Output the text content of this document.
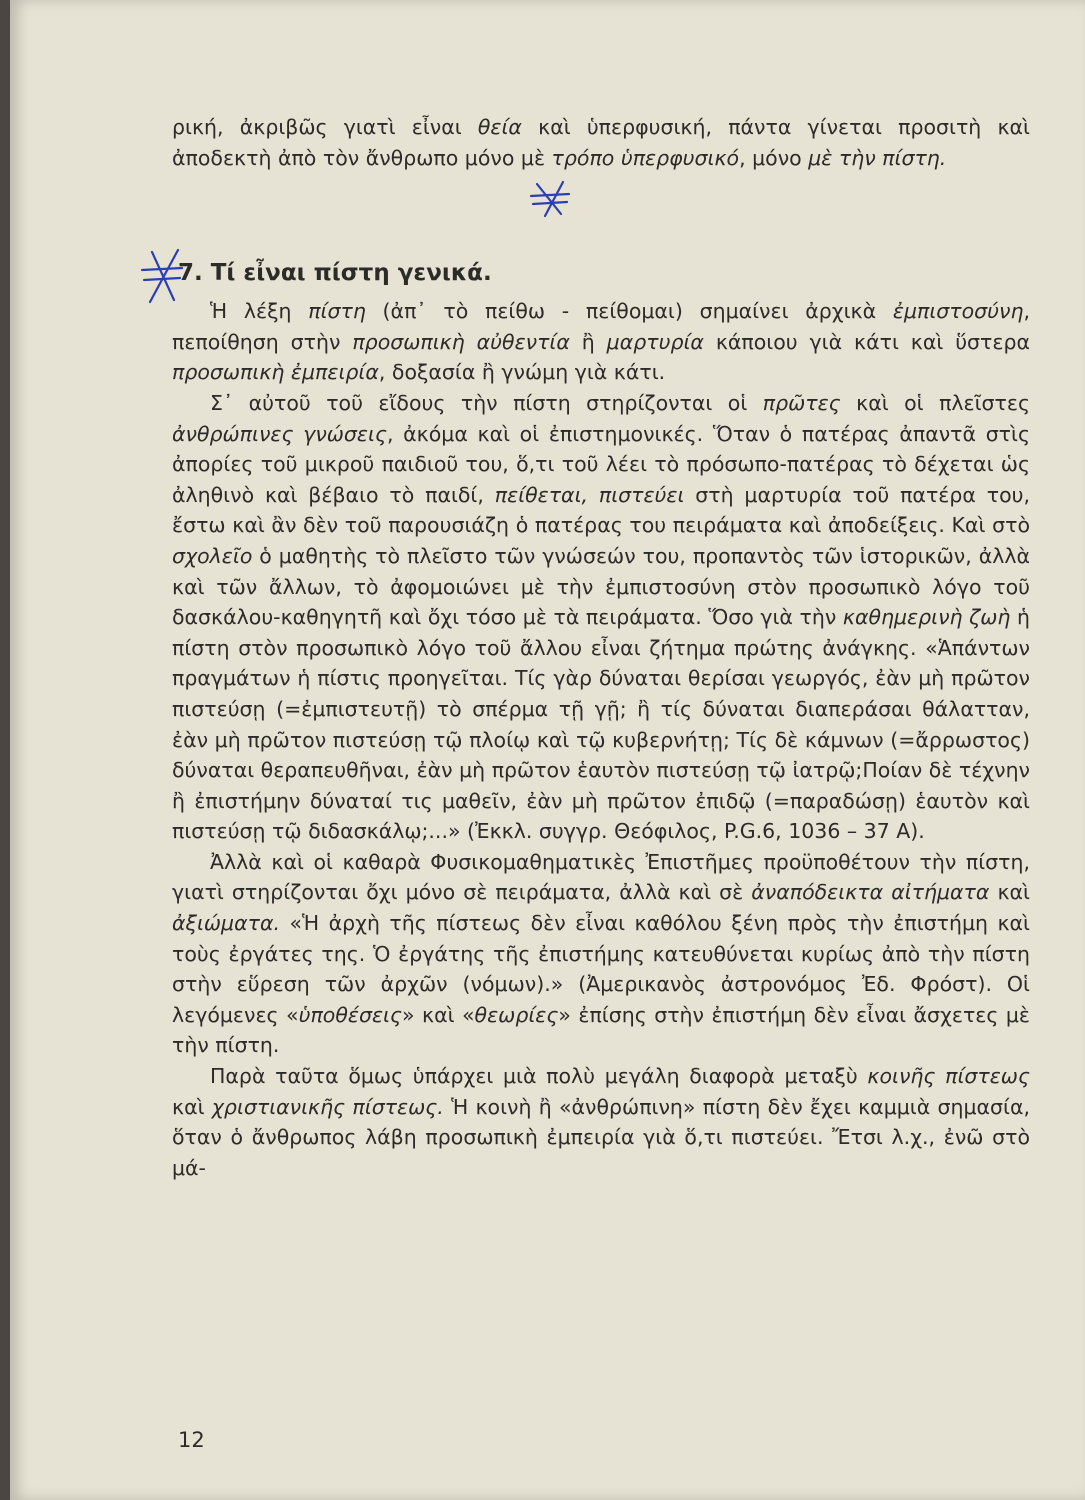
ρική, ἀκριβῶς γιατὶ εἶναι θεία καὶ ὑπερφυσική, πάντα γίνεται προσιτὴ καὶ ἀποδεκτὴ ἀπὸ τὸν ἄνθρωπο μόνο μὲ τρόπο ὑπερφυσικό, μόνο μὲ τὴν πίστη.

Ἡ λέξη πίστη (ἀπ᾽ τὸ πείθω - πείθομαι) σημαίνει ἀρχικὰ ἐμπιστοσύνη, πεποίθηση στὴν προσωπικὴ αὐθεντία ἢ μαρτυρία κάποιου γιὰ κάτι καὶ ὕστερα προσωπικὴ ἐμπειρία, δοξασία ἢ γνώμη γιὰ κάτι.

Σ᾽ αὐτοῦ τοῦ εἴδους τὴν πίστη στηρίζονται οἱ πρῶτες καὶ οἱ πλεῖστες ἀνθρώπινες γνώσεις, ἀκόμα καὶ οἱ ἐπιστημονικές. Ὅταν ὁ πατέρας ἀπαντᾶ στὶς ἀπορίες τοῦ μικροῦ παιδιοῦ του, ὅ,τι τοῦ λέει τὸ πρόσωπο-πατέρας τὸ δέχεται ὡς ἀληθινὸ καὶ βέβαιο τὸ παιδί, πείθεται, πιστεύει στὴ μαρτυρία τοῦ πατέρα του, ἔστω καὶ ἂν δὲν τοῦ παρουσιάζη ὁ πατέρας του πειράματα καὶ ἀποδείξεις. Καὶ στὸ σχολεῖο ὁ μαθητὴς τὸ πλεῖστο τῶν γνώσεών του, προπαντὸς τῶν ἱστορικῶν, ἀλλὰ καὶ τῶν ἄλλων, τὸ ἀφομοιώνει μὲ τὴν ἐμπιστοσύνη στὸν προσωπικὸ λόγο τοῦ δασκάλου-καθηγητῆ καὶ ὄχι τόσο μὲ τὰ πειράματα. Ὅσο γιὰ τὴν καθημερινὴ ζωὴ ἡ πίστη στὸν προσωπικὸ λόγο τοῦ ἄλλου εἶναι ζήτημα πρώτης ἀνάγκης. «Ἁπάντων πραγμάτων ἡ πίστις προηγεῖται. Τίς γὰρ δύναται θερίσαι γεωργός, ἐὰν μὴ πρῶτον πιστεύσῃ (=ἐμπιστευτῇ) τὸ σπέρμα τῇ γῇ; ἢ τίς δύναται διαπεράσαι θάλατταν, ἐὰν μὴ πρῶτον πιστεύσῃ τῷ πλοίῳ καὶ τῷ κυβερνήτῃ; Τίς δὲ κάμνων (=ἄρρωστος) δύναται θεραπευθῆναι, ἐὰν μὴ πρῶτον ἑαυτὸν πιστεύσῃ τῷ ἰατρῷ;Ποίαν δὲ τέχνην ἢ ἐπιστήμην δύναταί τις μαθεῖν, ἐὰν μὴ πρῶτον ἐπιδῷ (=παραδώσῃ) ἑαυτὸν καὶ πιστεύσῃ τῷ διδασκάλῳ;...» (Ἐκκλ. συγγρ. Θεόφιλος, P.G.6, 1036 – 37 A).

Ἀλλὰ καὶ οἱ καθαρὰ Φυσικομαθηματικὲς Ἐπιστῆμες προϋποθέτουν τὴν πίστη, γιατὶ στηρίζονται ὄχι μόνο σὲ πειράματα, ἀλλὰ καὶ σὲ ἀναπόδεικτα αἰτήματα καὶ ἀξιώματα. «Ἡ ἀρχὴ τῆς πίστεως δὲν εἶναι καθόλου ξένη πρὸς τὴν ἐπιστήμη καὶ τοὺς ἐργάτες της. Ὁ ἐργάτης τῆς ἐπιστήμης κατευθύνεται κυρίως ἀπὸ τὴν πίστη στὴν εὕρεση τῶν ἀρχῶν (νόμων).» (Ἀμερικανὸς ἀστρονόμος Ἐδ. Φρόστ). Οἱ λεγόμενες «ὑποθέσεις» καὶ «θεωρίες» ἐπίσης στὴν ἐπιστήμη δὲν εἶναι ἄσχετες μὲ τὴν πίστη.

Παρὰ ταῦτα ὅμως ὑπάρχει μιὰ πολὺ μεγάλη διαφορὰ μεταξὺ κοινῆς πίστεως καὶ χριστιανικῆς πίστεως. Ἡ κοινὴ ἢ «ἀνθρώπινη» πίστη δὲν ἔχει καμμιὰ σημασία, ὅταν ὁ ἄνθρωπος λάβη προσωπικὴ ἐμπειρία γιὰ ὅ,τι πιστεύει. Ἔτσι λ.χ., ἐνῶ στὸ μά-

7. Τί εἶναι πίστη γενικά.
12
